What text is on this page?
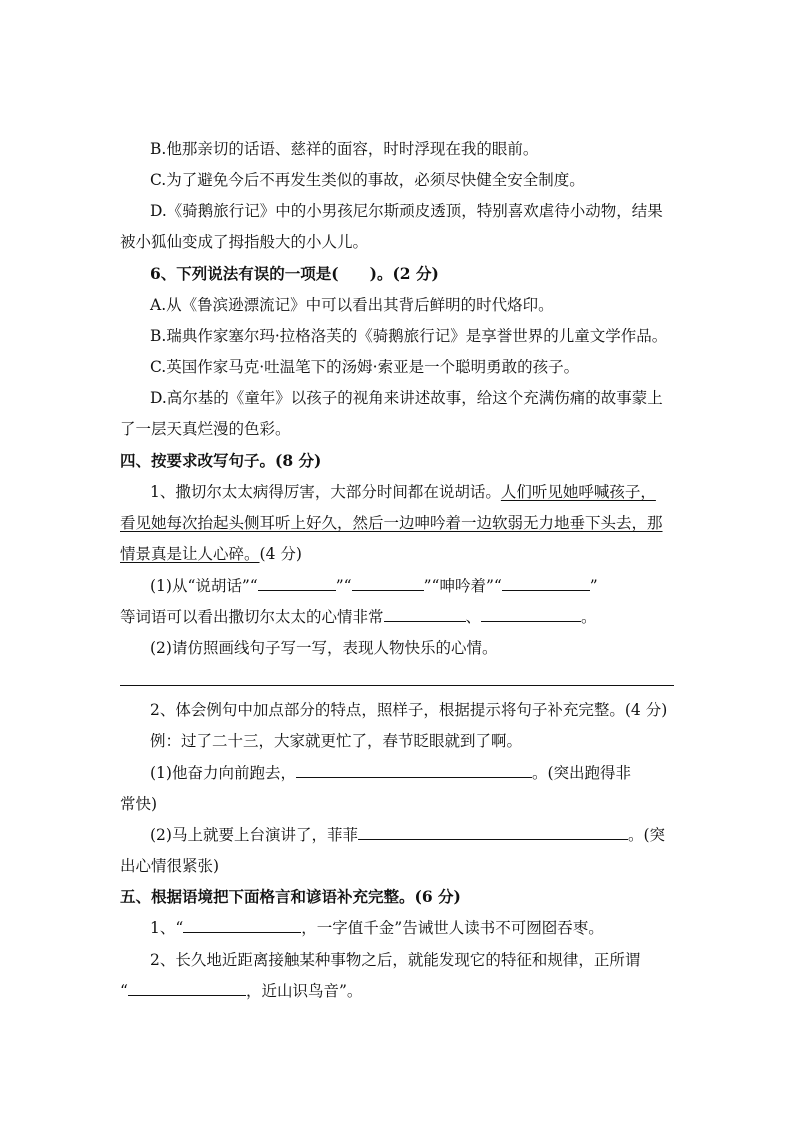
B.他那亲切的话语、慈祥的面容，时时浮现在我的眼前。
C.为了避免今后不再发生类似的事故，必须尽快健全安全制度。
D.《骑鹅旅行记》中的小男孩尼尔斯顽皮透顶，特别喜欢虐待小动物，结果
被小狐仙变成了拇指般大的小人儿。
6、下列说法有误的一项是(　　)。(2 分)
A.从《鲁滨逊漂流记》中可以看出其背后鲜明的时代烙印。
B.瑞典作家塞尔玛·拉格洛芙的《骑鹅旅行记》是享誉世界的儿童文学作品。
C.英国作家马克·吐温笔下的汤姆·索亚是一个聪明勇敢的孩子。
D.高尔基的《童年》以孩子的视角来讲述故事，给这个充满伤痛的故事蒙上
了一层天真烂漫的色彩。
四、按要求改写句子。(8 分)
1、撒切尔太太病得厉害，大部分时间都在说胡话。人们听见她呼喊孩子，
看见她每次抬起头侧耳听上好久，然后一边呻吟着一边软弱无力地垂下头去，那
情景真是让人心碎。(4 分)
(1)从“说胡话”“	”“	”“呻吟着”“	”
等词语可以看出撒切尔太太的心情非常	、	。
(2)请仿照画线句子写一写，表现人物快乐的心情。
2、体会例句中加点部分的特点，照样子，根据提示将句子补充完整。(4 分)
例：过了二十三，大家就更忙了，春节眨眼就到了啊。
(1)他奋力向前跑去，	。(突出跑得非
常快)
(2)马上就要上台演讲了，菲菲	。(突
出心情很紧张)
五、根据语境把下面格言和谚语补充完整。(6 分)
1、“	，一字值千金”告诫世人读书不可囫囵吞枣。
2、长久地近距离接触某种事物之后，就能发现它的特征和规律，正所谓
“	，近山识鸟音”。
